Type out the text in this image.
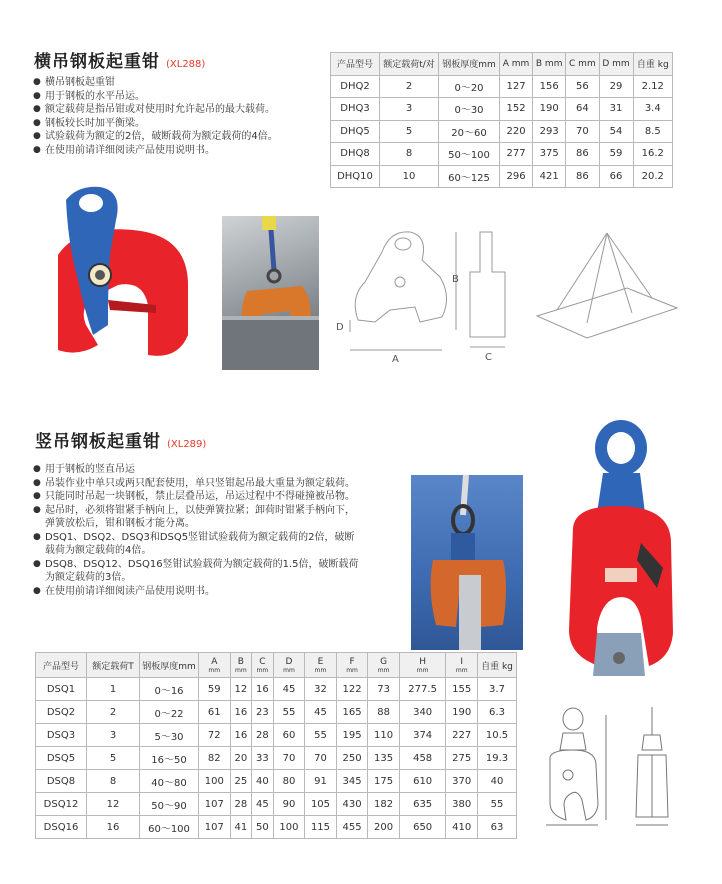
横吊钢板起重钳 (XL288)
● 横吊钢板起重钳
● 用于钢板的水平吊运。
● 额定载荷是指吊钳或对使用时允许起吊的最大载荷。
● 钢板较长时加平衡梁。
● 试验载荷为额定的2倍，破断载荷为额定载荷的4倍。
● 在使用前请详细阅读产品使用说明书。
产品型号	额定载荷t/对	钢板厚度mm	A mm	B mm	C mm	D mm	自重 kg
DHQ2	2	0～20	127	156	56	29	2.12
DHQ3	3	0～30	152	190	64	31	3.4
DHQ5	5	20～60	220	293	70	54	8.5
DHQ8	8	50～100	277	375	86	59	16.2
DHQ10	10	60～125	296	421	86	66	20.2
A
B
C
D
竖吊钢板起重钳 (XL289)
● 用于钢板的竖直吊运
● 吊装作业中单只或两只配套使用，单只竖钳起吊最大重量为额定载荷。
● 只能同时吊起一块钢板，禁止层叠吊运，吊运过程中不得碰撞被吊物。
● 起吊时，必须将钳紧手柄向上，以使弹簧拉紧；卸荷时钳紧手柄向下，弹簧放松后，钳和钢板才能分离。
● DSQ1、DSQ2、DSQ3和DSQ5竖钳试验载荷为额定载荷的2倍，破断载荷为额定载荷的4倍。
● DSQ8、DSQ12、DSQ16竖钳试验载荷为额定载荷的1.5倍，破断载荷为额定载荷的3倍。
● 在使用前请详细阅读产品使用说明书。
产品型号	额定载荷T	钢板厚度mm	A
mm	B
mm	C
mm	D
mm	E
mm	F
mm	G
mm	H
mm	I
mm	自重 kg
DSQ1	1	0～16	59	12	16	45	32	122	73	277.5	155	3.7
DSQ2	2	0～22	61	16	23	55	45	165	88	340	190	6.3
DSQ3	3	5～30	72	16	28	60	55	195	110	374	227	10.5
DSQ5	5	16～50	82	20	33	70	70	250	135	458	275	19.3
DSQ8	8	40～80	100	25	40	80	91	345	175	610	370	40
DSQ12	12	50～90	107	28	45	90	105	430	182	635	380	55
DSQ16	16	60～100	107	41	50	100	115	455	200	650	410	63
